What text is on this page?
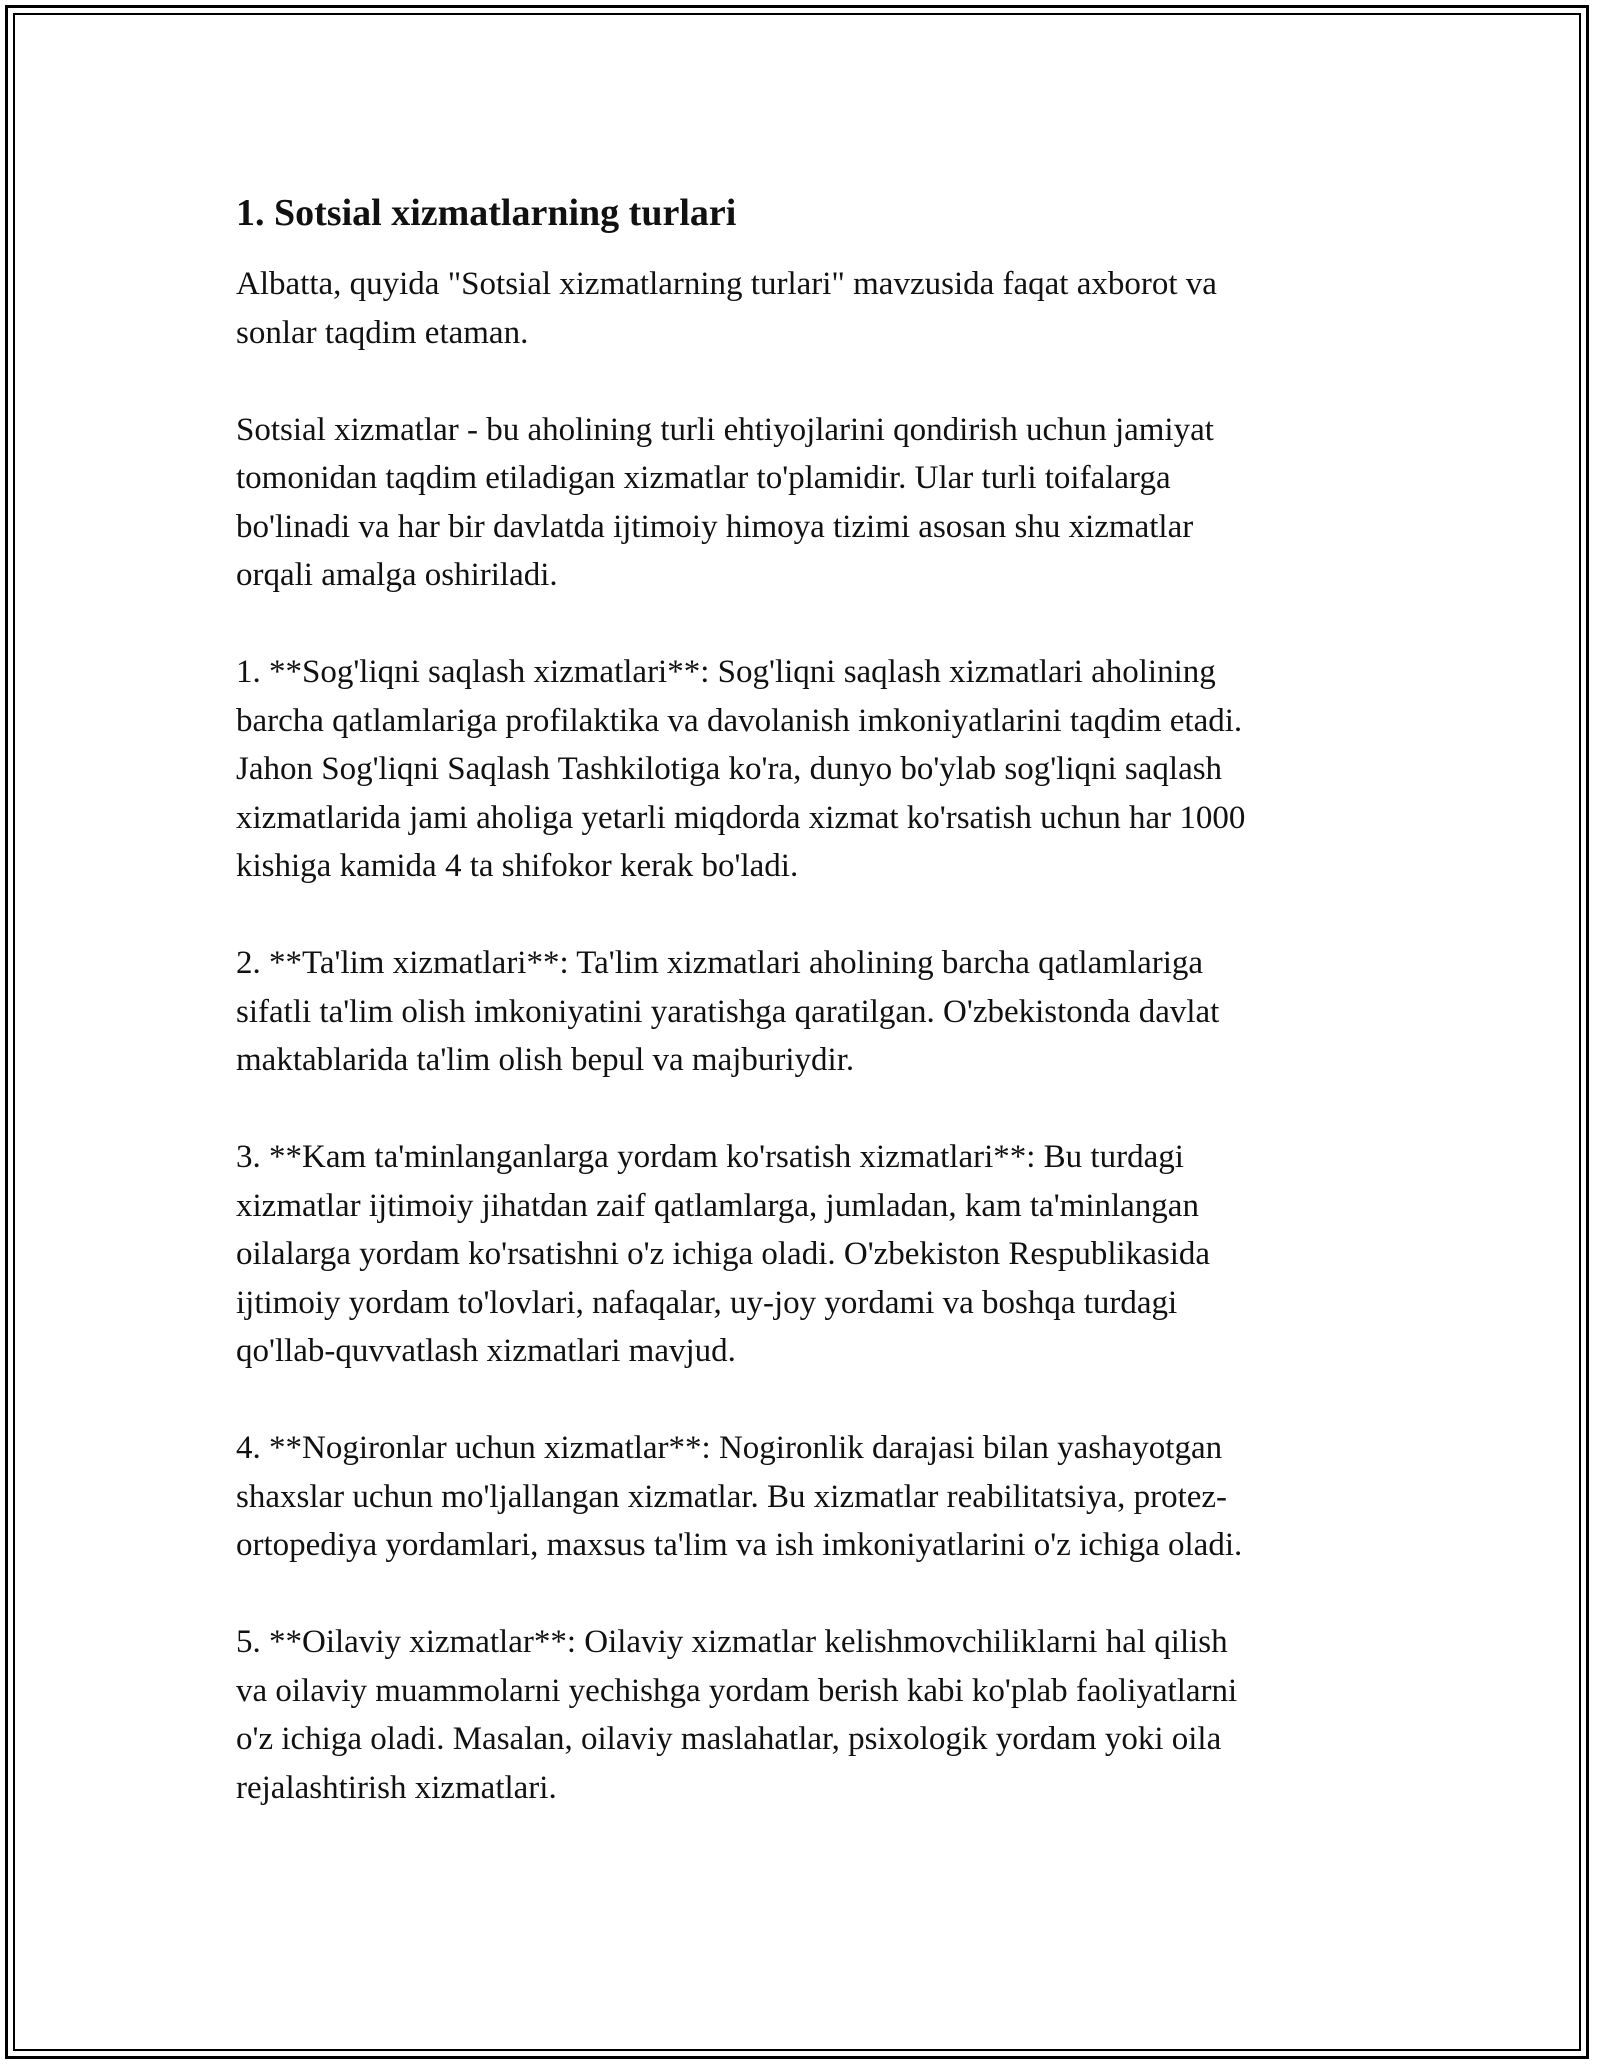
1. Sotsial xizmatlarning turlari
Albatta, quyida "Sotsial xizmatlarning turlari" mavzusida faqat axborot va
sonlar taqdim etaman.
Sotsial xizmatlar - bu aholining turli ehtiyojlarini qondirish uchun jamiyat
tomonidan taqdim etiladigan xizmatlar to'plamidir. Ular turli toifalarga
bo'linadi va har bir davlatda ijtimoiy himoya tizimi asosan shu xizmatlar
orqali amalga oshiriladi.
1. **Sog'liqni saqlash xizmatlari**: Sog'liqni saqlash xizmatlari aholining
barcha qatlamlariga profilaktika va davolanish imkoniyatlarini taqdim etadi.
Jahon Sog'liqni Saqlash Tashkilotiga ko'ra, dunyo bo'ylab sog'liqni saqlash
xizmatlarida jami aholiga yetarli miqdorda xizmat ko'rsatish uchun har 1000
kishiga kamida 4 ta shifokor kerak bo'ladi.
2. **Ta'lim xizmatlari**: Ta'lim xizmatlari aholining barcha qatlamlariga
sifatli ta'lim olish imkoniyatini yaratishga qaratilgan. O'zbekistonda davlat
maktablarida ta'lim olish bepul va majburiydir.
3. **Kam ta'minlanganlarga yordam ko'rsatish xizmatlari**: Bu turdagi
xizmatlar ijtimoiy jihatdan zaif qatlamlarga, jumladan, kam ta'minlangan
oilalarga yordam ko'rsatishni o'z ichiga oladi. O'zbekiston Respublikasida
ijtimoiy yordam to'lovlari, nafaqalar, uy-joy yordami va boshqa turdagi
qo'llab-quvvatlash xizmatlari mavjud.
4. **Nogironlar uchun xizmatlar**: Nogironlik darajasi bilan yashayotgan
shaxslar uchun mo'ljallangan xizmatlar. Bu xizmatlar reabilitatsiya, protez-
ortopediya yordamlari, maxsus ta'lim va ish imkoniyatlarini o'z ichiga oladi.
5. **Oilaviy xizmatlar**: Oilaviy xizmatlar kelishmovchiliklarni hal qilish
va oilaviy muammolarni yechishga yordam berish kabi ko'plab faoliyatlarni
o'z ichiga oladi. Masalan, oilaviy maslahatlar, psixologik yordam yoki oila
rejalashtirish xizmatlari.
